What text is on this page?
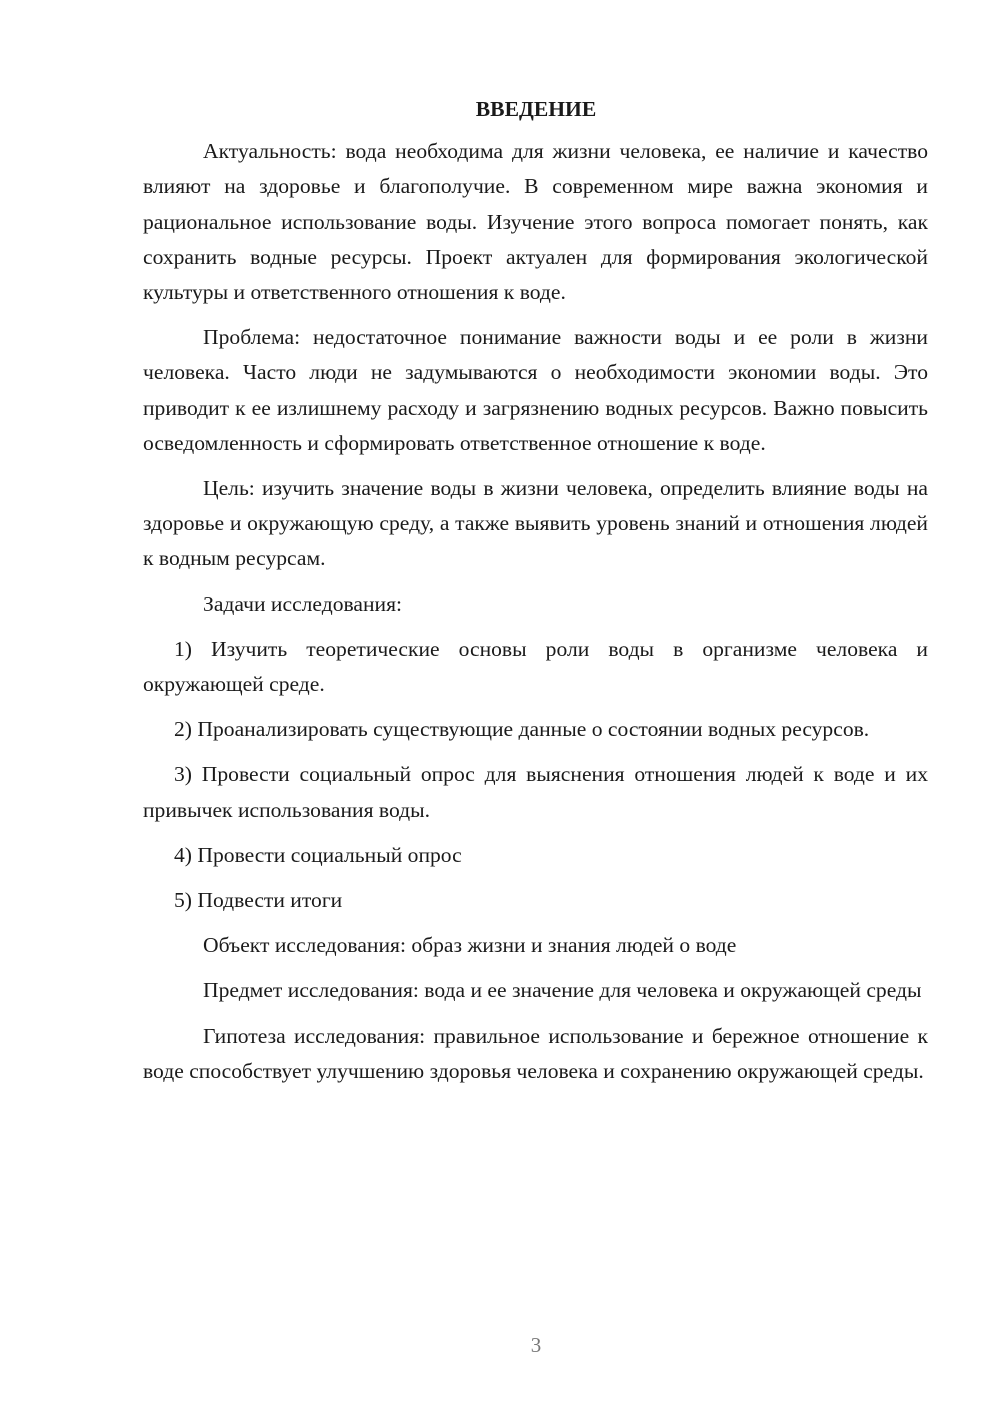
ВВЕДЕНИЕ

Актуальность: вода необходима для жизни человека, ее наличие и качество влияют на здоровье и благополучие. В современном мире важна экономия и рациональное использование воды. Изучение этого вопроса помогает понять, как сохранить водные ресурсы. Проект актуален для формирования экологической культуры и ответственного отношения к воде.

Проблема: недостаточное понимание важности воды и ее роли в жизни человека. Часто люди не задумываются о необходимости экономии воды. Это приводит к ее излишнему расходу и загрязнению водных ресурсов. Важно повысить осведомленность и сформировать ответственное отношение к воде.

Цель: изучить значение воды в жизни человека, определить влияние воды на здоровье и окружающую среду, а также выявить уровень знаний и отношения людей к водным ресурсам.

Задачи исследования:

1) Изучить теоретические основы роли воды в организме человека и окружающей среде.

2) Проанализировать существующие данные о состоянии водных ресурсов.

3) Провести социальный опрос для выяснения отношения людей к воде и их привычек использования воды.

4) Провести социальный опрос

5) Подвести итоги

Объект исследования: образ жизни и знания людей о воде

Предмет исследования: вода и ее значение для человека и окружающей среды

Гипотеза исследования: правильное использование и бережное отношение к воде способствует улучшению здоровья человека и сохранению окружающей среды.

3
